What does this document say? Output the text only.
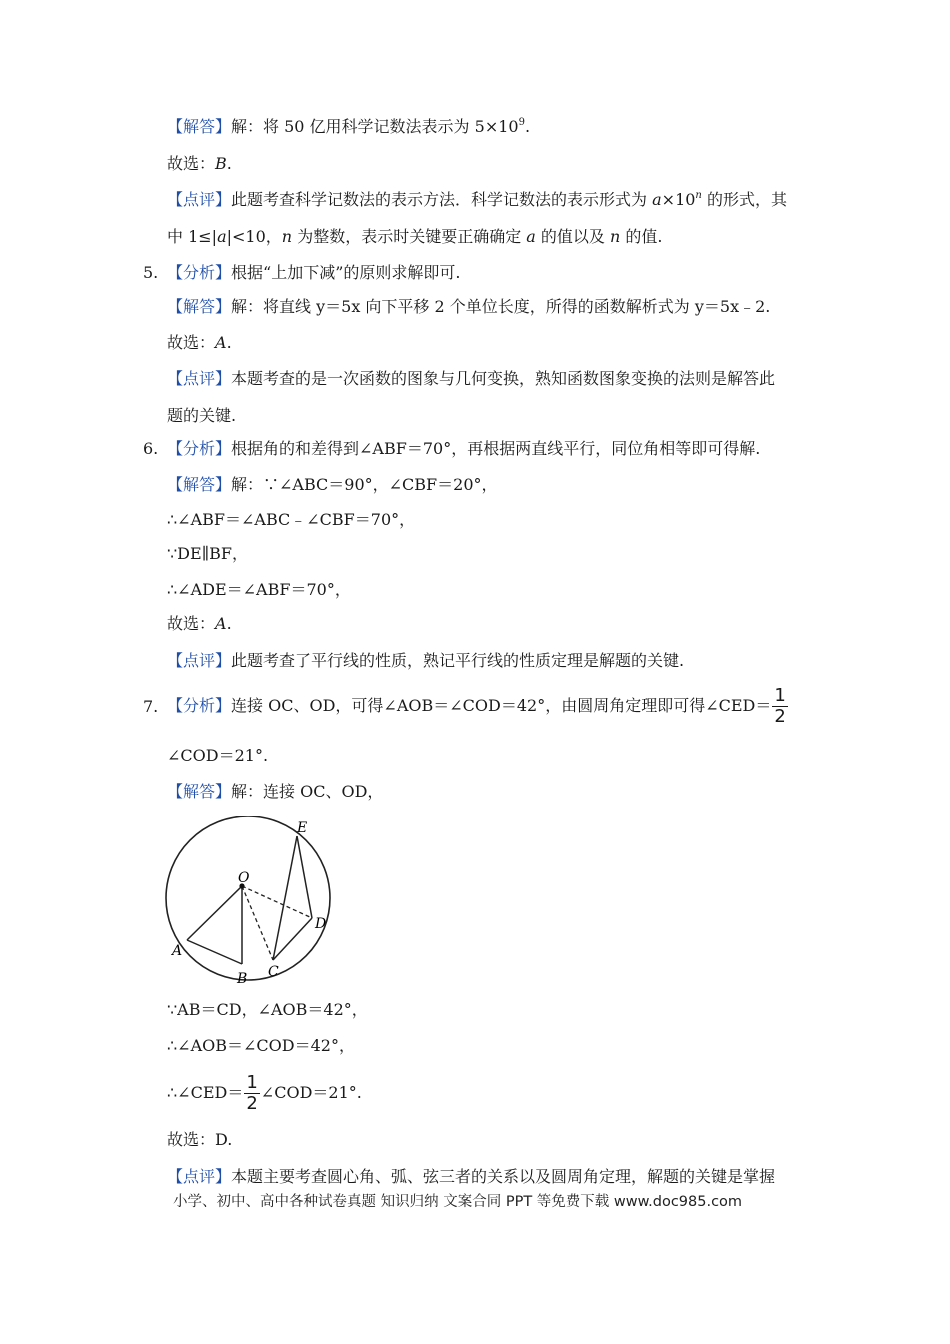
【解答】解：将 50 亿用科学记数法表示为 $5\times 10^9$.
故选：B.
【点评】此题考查科学记数法的表示方法．科学记数法的表示形式为 $a\times 10^n$ 的形式，其
中 1≤|a|<10，n 为整数，表示时关键要正确确定 a 的值以及 n 的值.
5. 【分析】根据“上加下减”的原则求解即可.
【解答】解：将直线 y＝5x 向下平移 2 个单位长度，所得的函数解析式为 y＝5x﹣2.
故选：A.
【点评】本题考查的是一次函数的图象与几何变换，熟知函数图象变换的法则是解答此
题的关键.
6. 【分析】根据角的和差得到∠ABF＝70°，再根据两直线平行，同位角相等即可得解.
【解答】解：∵∠ABC＝90°，∠CBF＝20°，
∴∠ABF＝∠ABC﹣∠CBF＝70°，
∵DE∥BF，
∴∠ADE＝∠ABF＝70°，
故选：A.
【点评】此题考查了平行线的性质，熟记平行线的性质定理是解题的关键.
7. 【分析】连接 OC、OD，可得∠AOB＝∠COD＝42°，由圆周角定理即可得∠CED＝ $\frac{1}{2}$
∠COD＝21°.
【解答】解：连接 OC、OD，
O
A
B C
D
E
∵AB＝CD，∠AOB＝42°，
∴∠AOB＝∠COD＝42°，
∴∠CED＝ $\frac{1}{2}$ ∠COD＝21°.
故选：D.
【点评】本题主要考查圆心角、弧、弦三者的关系以及圆周角定理，解题的关键是掌握
小学、初中、高中各种试卷真题 知识归纳 文案合同 PPT 等免费下载 www.doc985.com
